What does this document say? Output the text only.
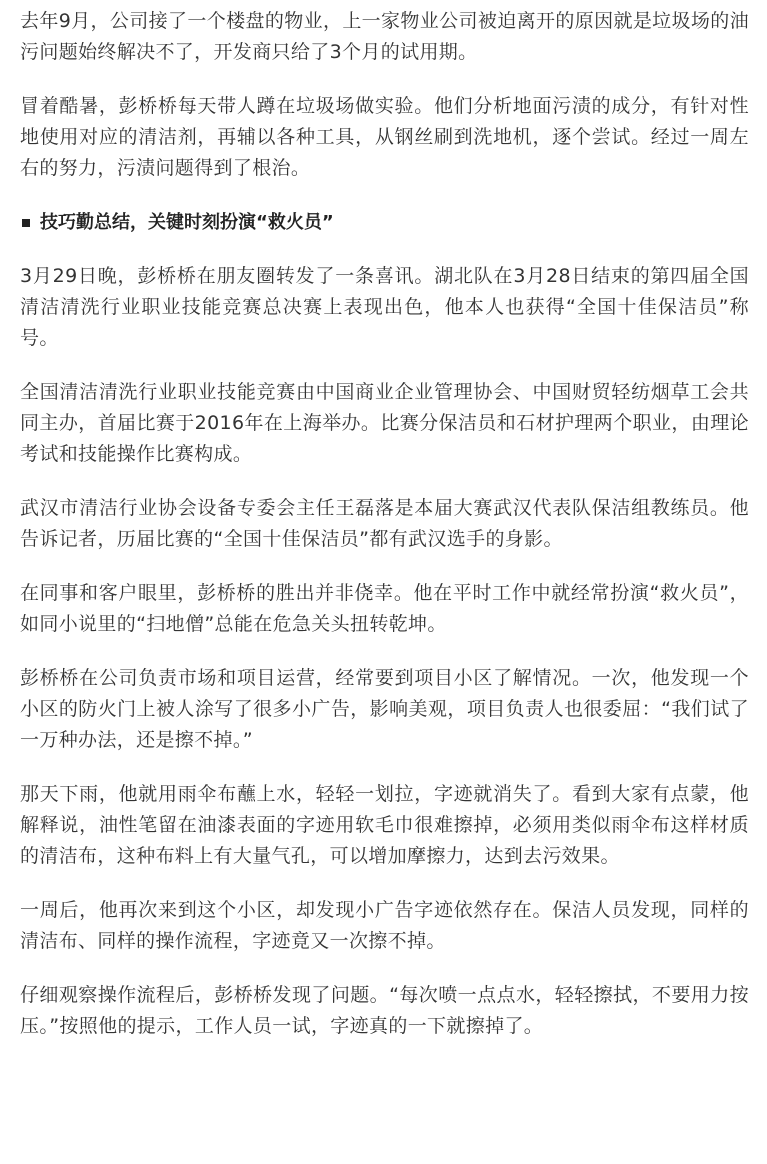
去年9月，公司接了一个楼盘的物业，上一家物业公司被迫离开的原因就是垃圾场的油污问题始终解决不了，开发商只给了3个月的试用期。

冒着酷暑，彭桥桥每天带人蹲在垃圾场做实验。他们分析地面污渍的成分，有针对性地使用对应的清洁剂，再辅以各种工具，从钢丝刷到洗地机，逐个尝试。经过一周左右的努力，污渍问题得到了根治。

技巧勤总结，关键时刻扮演“救火员”

3月29日晚，彭桥桥在朋友圈转发了一条喜讯。湖北队在3月28日结束的第四届全国清洁清洗行业职业技能竞赛总决赛上表现出色，他本人也获得“全国十佳保洁员”称号。

全国清洁清洗行业职业技能竞赛由中国商业企业管理协会、中国财贸轻纺烟草工会共同主办，首届比赛于2016年在上海举办。比赛分保洁员和石材护理两个职业，由理论考试和技能操作比赛构成。

武汉市清洁行业协会设备专委会主任王磊落是本届大赛武汉代表队保洁组教练员。他告诉记者，历届比赛的“全国十佳保洁员”都有武汉选手的身影。

在同事和客户眼里，彭桥桥的胜出并非侥幸。他在平时工作中就经常扮演“救火员”，如同小说里的“扫地僧”总能在危急关头扭转乾坤。

彭桥桥在公司负责市场和项目运营，经常要到项目小区了解情况。一次，他发现一个小区的防火门上被人涂写了很多小广告，影响美观，项目负责人也很委屈：“我们试了一万种办法，还是擦不掉。”

那天下雨，他就用雨伞布蘸上水，轻轻一划拉，字迹就消失了。看到大家有点蒙，他解释说，油性笔留在油漆表面的字迹用软毛巾很难擦掉，必须用类似雨伞布这样材质的清洁布，这种布料上有大量气孔，可以增加摩擦力，达到去污效果。

一周后，他再次来到这个小区，却发现小广告字迹依然存在。保洁人员发现，同样的清洁布、同样的操作流程，字迹竟又一次擦不掉。

仔细观察操作流程后，彭桥桥发现了问题。“每次喷一点点水，轻轻擦拭，不要用力按压。”按照他的提示，工作人员一试，字迹真的一下就擦掉了。
